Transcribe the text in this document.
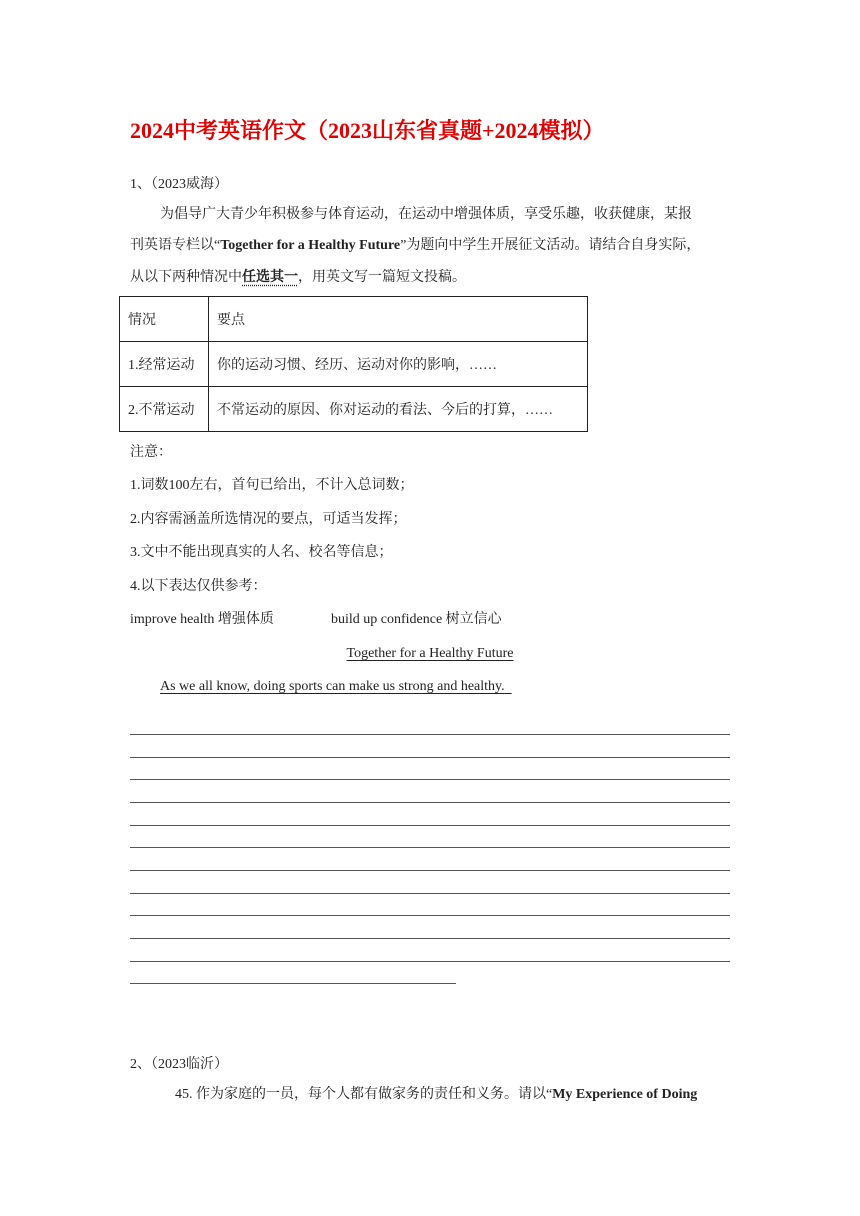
2024中考英语作文（2023山东省真题+2024模拟）
1、（2023威海）
为倡导广大青少年积极参与体育运动，在运动中增强体质，享受乐趣，收获健康，某报
刊英语专栏以“Together for a Healthy Future”为题向中学生开展征文活动。请结合自身实际，
从以下两种情况中任选其一，用英文写一篇短文投稿。
情况	要点
1.经常运动	你的运动习惯、经历、运动对你的影响，……
2.不常运动	不常运动的原因、你对运动的看法、今后的打算，……
注意：
1.词数100左右，首句已给出，不计入总词数；
2.内容需涵盖所选情况的要点，可适当发挥；
3.文中不能出现真实的人名、校名等信息；
4.以下表达仅供参考：
improve health 增强体质	build up confidence 树立信心
Together for a Healthy Future
As we all know, doing sports can make us strong and healthy.
2、（2023临沂）
45. 作为家庭的一员，每个人都有做家务的责任和义务。请以“My Experience of Doing
